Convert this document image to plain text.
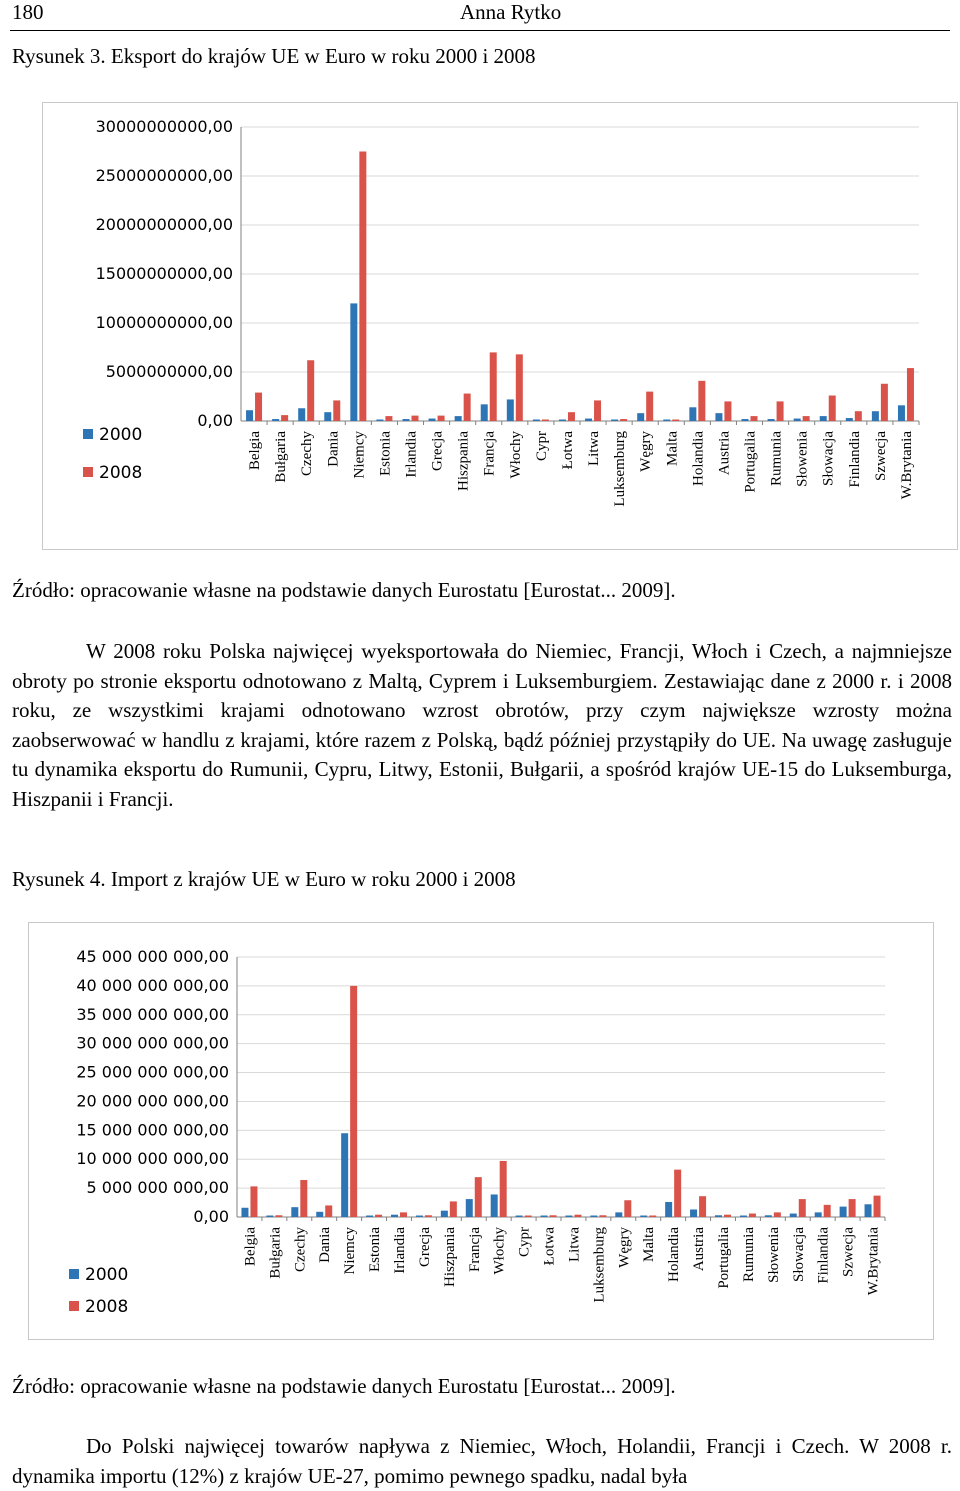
180	Anna Rytko
Rysunek 3. Eksport do krajów UE w Euro w roku 2000 i 2008
0,00
5000000000,00
10000000000,00
15000000000,00
20000000000,00
25000000000,00
30000000000,00
Belgia Bułgaria Czechy Dania Niemcy Estonia Irlandia Grecja Hiszpania Francja Włochy Cypr Łotwa Litwa Luksemburg Węgry Malta Holandia Austria Portugalia Rumunia Słowenia Słowacja Finlandia Szwecja W.Brytania
2000
2008
Źródło: opracowanie własne na podstawie danych Eurostatu [Eurostat... 2009].

W 2008 roku Polska najwięcej wyeksportowała do Niemiec, Francji, Włoch i Czech, a najmniejsze obroty po stronie eksportu odnotowano z Maltą, Cyprem i Luksemburgiem. Zestawiając dane z 2000 r. i 2008 roku, ze wszystkimi krajami odnotowano wzrost obrotów, przy czym największe wzrosty można zaobserwować w handlu z krajami, które razem z Polską, bądź później przystąpiły do UE. Na uwagę zasługuje tu dynamika eksportu do Rumunii, Cypru, Litwy, Estonii, Bułgarii, a spośród krajów UE-15 do Luksemburga, Hiszpanii i Francji.

Rysunek 4. Import z krajów UE w Euro w roku 2000 i 2008
0,00
5 000 000 000,00
10 000 000 000,00
15 000 000 000,00
20 000 000 000,00
25 000 000 000,00
30 000 000 000,00
35 000 000 000,00
40 000 000 000,00
45 000 000 000,00
Belgia Bułgaria Czechy Dania Niemcy Estonia Irlandia Grecja Hiszpania Francja Włochy Cypr Łotwa Litwa Luksemburg Węgry Malta Holandia Austria Portugalia Rumunia Słowenia Słowacja Finlandia Szwecja W.Brytania
2000
2008
Źródło: opracowanie własne na podstawie danych Eurostatu [Eurostat... 2009].

Do Polski najwięcej towarów napływa z Niemiec, Włoch, Holandii, Francji i Czech. W 2008 r. dynamika importu (12%) z krajów UE-27, pomimo pewnego spadku, nadal była
